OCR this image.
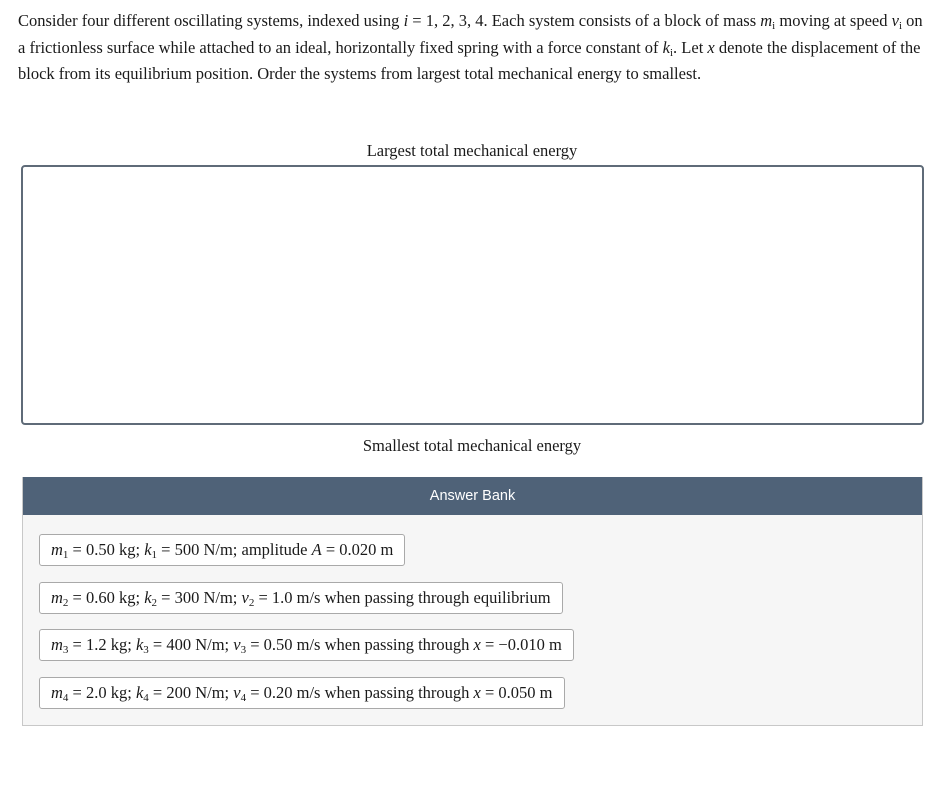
Consider four different oscillating systems, indexed using i = 1, 2, 3, 4. Each system consists of a block of mass $m_i$ moving at speed $v_i$ on a frictionless surface while attached to an ideal, horizontally fixed spring with a force constant of $k_i$. Let x denote the displacement of the block from its equilibrium position. Order the systems from largest total mechanical energy to smallest.

Largest total mechanical energy
Smallest total mechanical energy
Answer Bank
$m_1 = 0.50$ kg; $k_1 = 500$ N/m; amplitude A = 0.020 m
$m_2 = 0.60$ kg; $k_2 = 300$ N/m; $v_2 = 1.0$ m/s when passing through equilibrium
$m_3 = 1.2$ kg; $k_3 = 400$ N/m; $v_3 = 0.50$ m/s when passing through x = −0.010 m
$m_4 = 2.0$ kg; $k_4 = 200$ N/m; $v_4 = 0.20$ m/s when passing through x = 0.050 m
